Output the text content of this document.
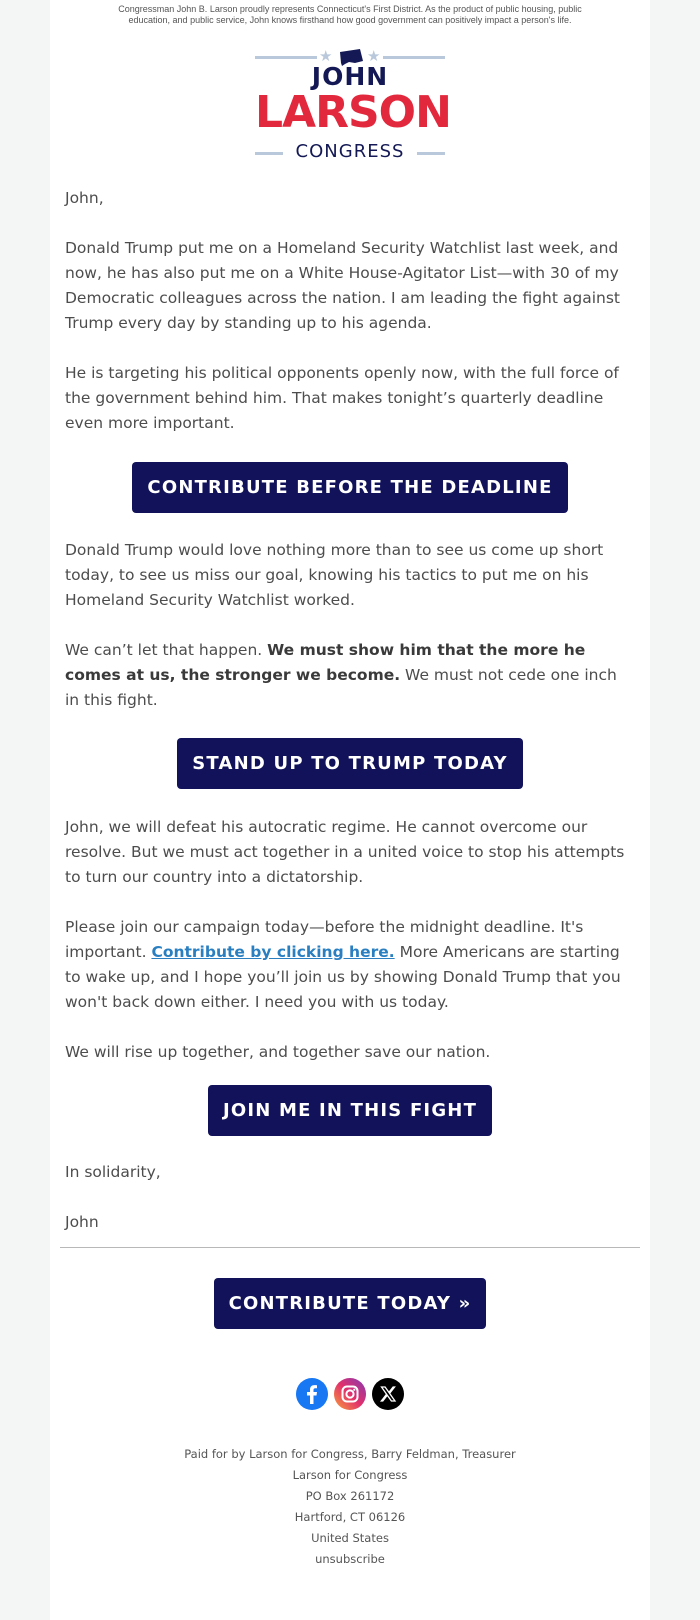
Congressman John B. Larson proudly represents Connecticut's First District. As the product of public housing, public education, and public service, John knows firsthand how good government can positively impact a person's life.
★ ★
JOHN
LARSON
CONGRESS

John,

Donald Trump put me on a Homeland Security Watchlist last week, and now, he has also put me on a White House-Agitator List—with 30 of my Democratic colleagues across the nation. I am leading the fight against Trump every day by standing up to his agenda.

He is targeting his political opponents openly now, with the full force of the government behind him. That makes tonight’s quarterly deadline even more important.

CONTRIBUTE BEFORE THE DEADLINE

Donald Trump would love nothing more than to see us come up short today, to see us miss our goal, knowing his tactics to put me on his Homeland Security Watchlist worked.

We can’t let that happen. We must show him that the more he comes at us, the stronger we become. We must not cede one inch in this fight.

STAND UP TO TRUMP TODAY

John, we will defeat his autocratic regime. He cannot overcome our resolve. But we must act together in a united voice to stop his attempts to turn our country into a dictatorship.

Please join our campaign today—before the midnight deadline. It's important. Contribute by clicking here. More Americans are starting to wake up, and I hope you’ll join us by showing Donald Trump that you won't back down either. I need you with us today.

We will rise up together, and together save our nation.

JOIN ME IN THIS FIGHT

In solidarity,

John

CONTRIBUTE TODAY »

Paid for by Larson for Congress, Barry Feldman, Treasurer
Larson for Congress
PO Box 261172
Hartford, CT 06126
United States
unsubscribe
